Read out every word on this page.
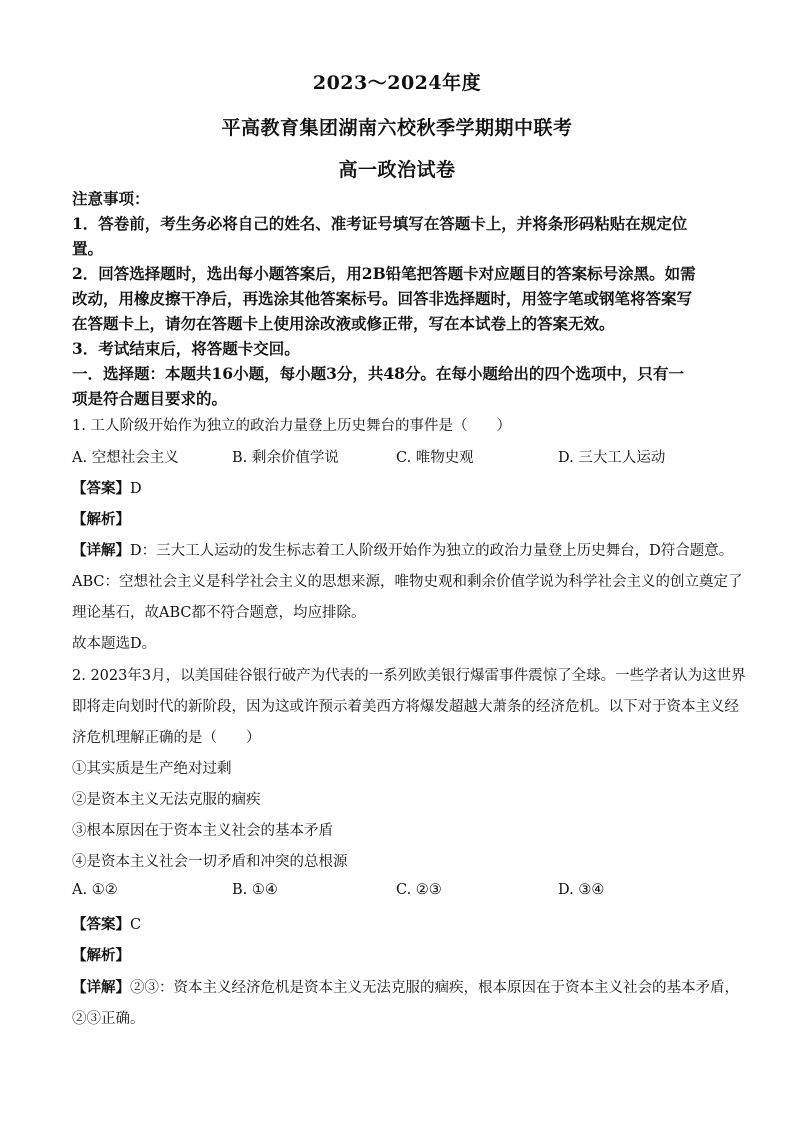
2023～2024年度
平高教育集团湖南六校秋季学期期中联考
高一政治试卷
注意事项：
1．答卷前，考生务必将自己的姓名、准考证号填写在答题卡上，并将条形码粘贴在规定位
置。
2．回答选择题时，选出每小题答案后，用2B铅笔把答题卡对应题目的答案标号涂黑。如需
改动，用橡皮擦干净后，再选涂其他答案标号。回答非选择题时，用签字笔或钢笔将答案写
在答题卡上，请勿在答题卡上使用涂改液或修正带，写在本试卷上的答案无效。
3．考试结束后，将答题卡交回。
一．选择题：本题共16小题，每小题3分，共48分。在每小题给出的四个选项中，只有一
项是符合题目要求的。
1. 工人阶级开始作为独立的政治力量登上历史舞台的事件是（　　）
A. 空想社会主义	B. 剩余价值学说	C. 唯物史观	D. 三大工人运动
【答案】D
【解析】
【详解】D：三大工人运动的发生标志着工人阶级开始作为独立的政治力量登上历史舞台，D符合题意。
ABC：空想社会主义是科学社会主义的思想来源，唯物史观和剩余价值学说为科学社会主义的创立奠定了
理论基石，故ABC都不符合题意，均应排除。
故本题选D。
2. 2023年3月，以美国硅谷银行破产为代表的一系列欧美银行爆雷事件震惊了全球。一些学者认为这世界
即将走向划时代的新阶段，因为这或许预示着美西方将爆发超越大萧条的经济危机。以下对于资本主义经
济危机理解正确的是（　　）
①其实质是生产绝对过剩
②是资本主义无法克服的痼疾
③根本原因在于资本主义社会的基本矛盾
④是资本主义社会一切矛盾和冲突的总根源
A. ①②	B. ①④	C. ②③	D. ③④
【答案】C
【解析】
【详解】②③：资本主义经济危机是资本主义无法克服的痼疾，根本原因在于资本主义社会的基本矛盾，
②③正确。
